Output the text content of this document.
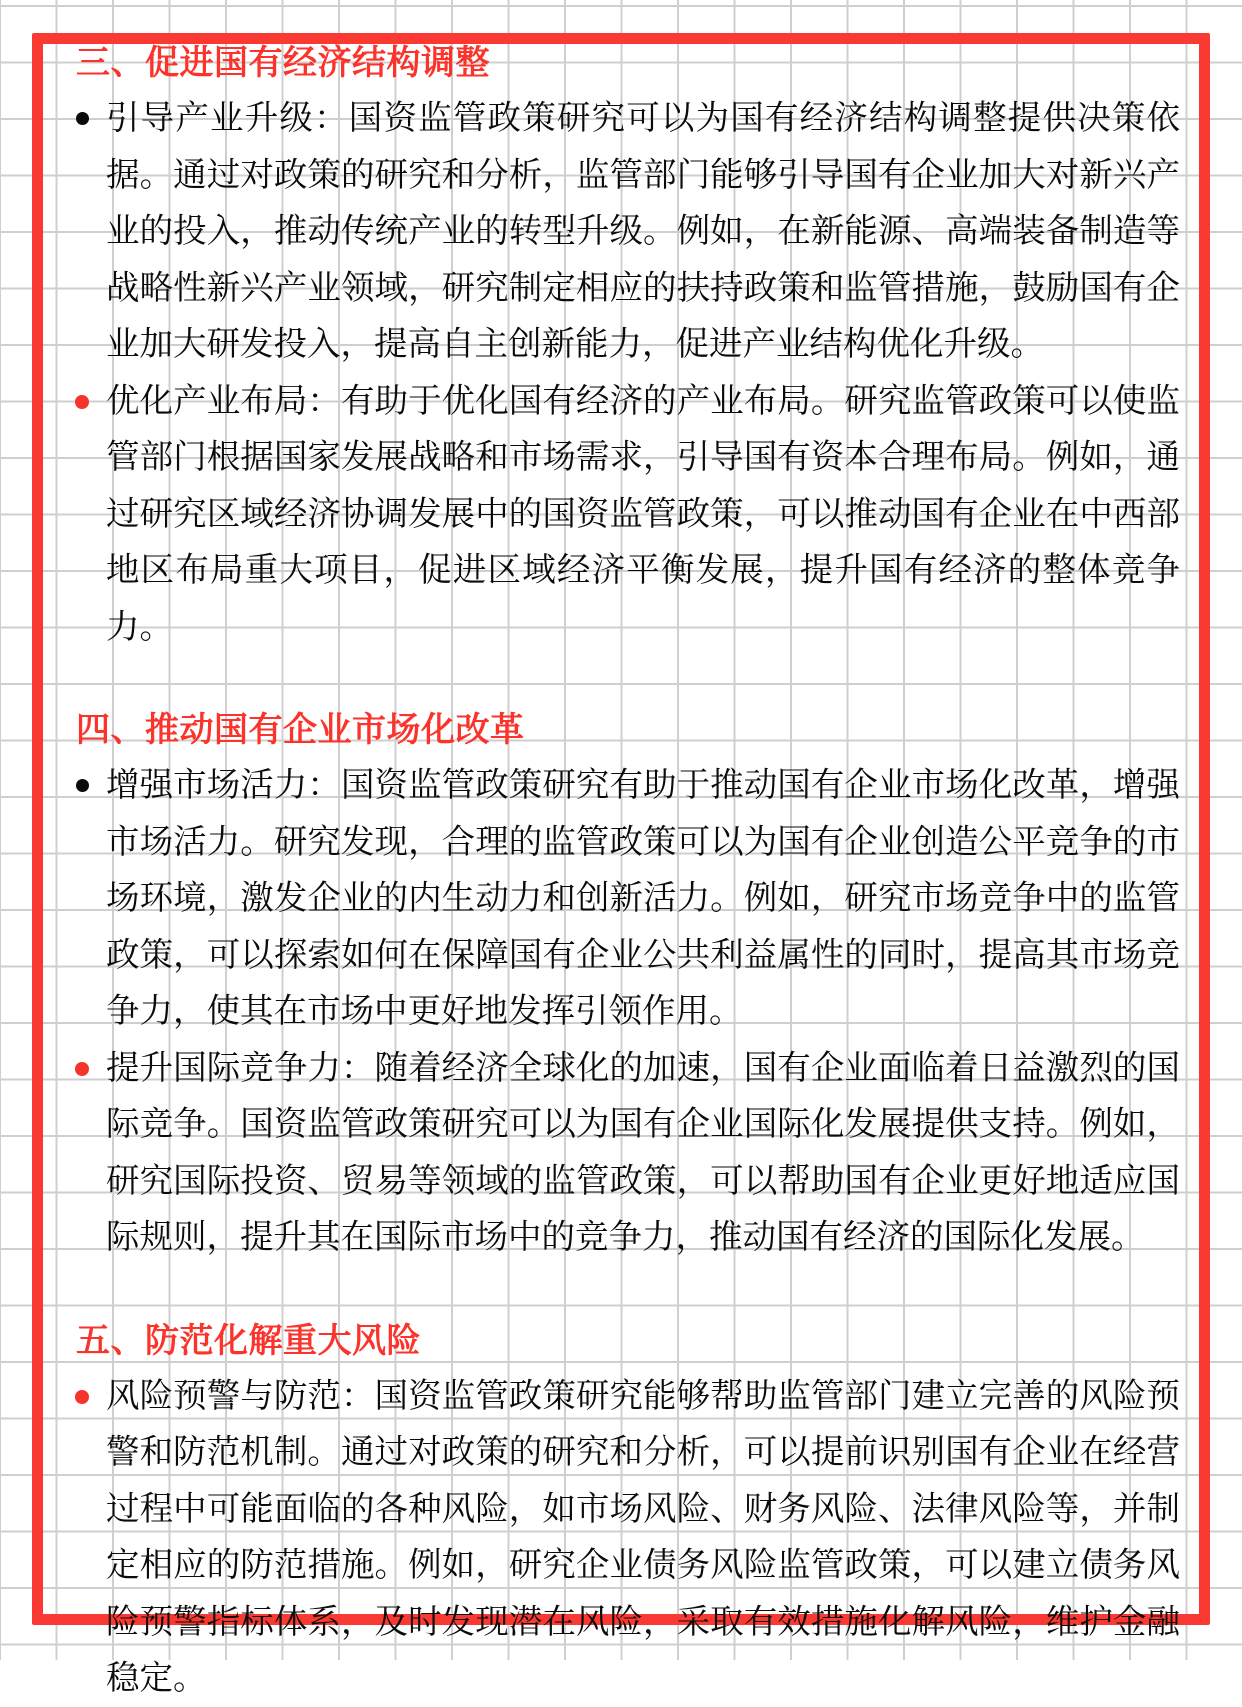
三、促进国有经济结构调整
引导产业升级：国资监管政策研究可以为国有经济结构调整提供决策依据。通过对政策的研究和分析，监管部门能够引导国有企业加大对新兴产业的投入，推动传统产业的转型升级。例如，在新能源、高端装备制造等战略性新兴产业领域，研究制定相应的扶持政策和监管措施，鼓励国有企业加大研发投入，提高自主创新能力，促进产业结构优化升级。
优化产业布局：有助于优化国有经济的产业布局。研究监管政策可以使监管部门根据国家发展战略和市场需求，引导国有资本合理布局。例如，通过研究区域经济协调发展中的国资监管政策，可以推动国有企业在中西部地区布局重大项目，促进区域经济平衡发展，提升国有经济的整体竞争力。
四、推动国有企业市场化改革
增强市场活力：国资监管政策研究有助于推动国有企业市场化改革，增强市场活力。研究发现，合理的监管政策可以为国有企业创造公平竞争的市场环境，激发企业的内生动力和创新活力。例如，研究市场竞争中的监管政策，可以探索如何在保障国有企业公共利益属性的同时，提高其市场竞争力，使其在市场中更好地发挥引领作用。
提升国际竞争力：随着经济全球化的加速，国有企业面临着日益激烈的国际竞争。国资监管政策研究可以为国有企业国际化发展提供支持。例如，研究国际投资、贸易等领域的监管政策，可以帮助国有企业更好地适应国际规则，提升其在国际市场中的竞争力，推动国有经济的国际化发展。
五、防范化解重大风险
风险预警与防范：国资监管政策研究能够帮助监管部门建立完善的风险预警和防范机制。通过对政策的研究和分析，可以提前识别国有企业在经营过程中可能面临的各种风险，如市场风险、财务风险、法律风险等，并制定相应的防范措施。例如，研究企业债务风险监管政策，可以建立债务风险预警指标体系，及时发现潜在风险，采取有效措施化解风险，维护金融稳定。
